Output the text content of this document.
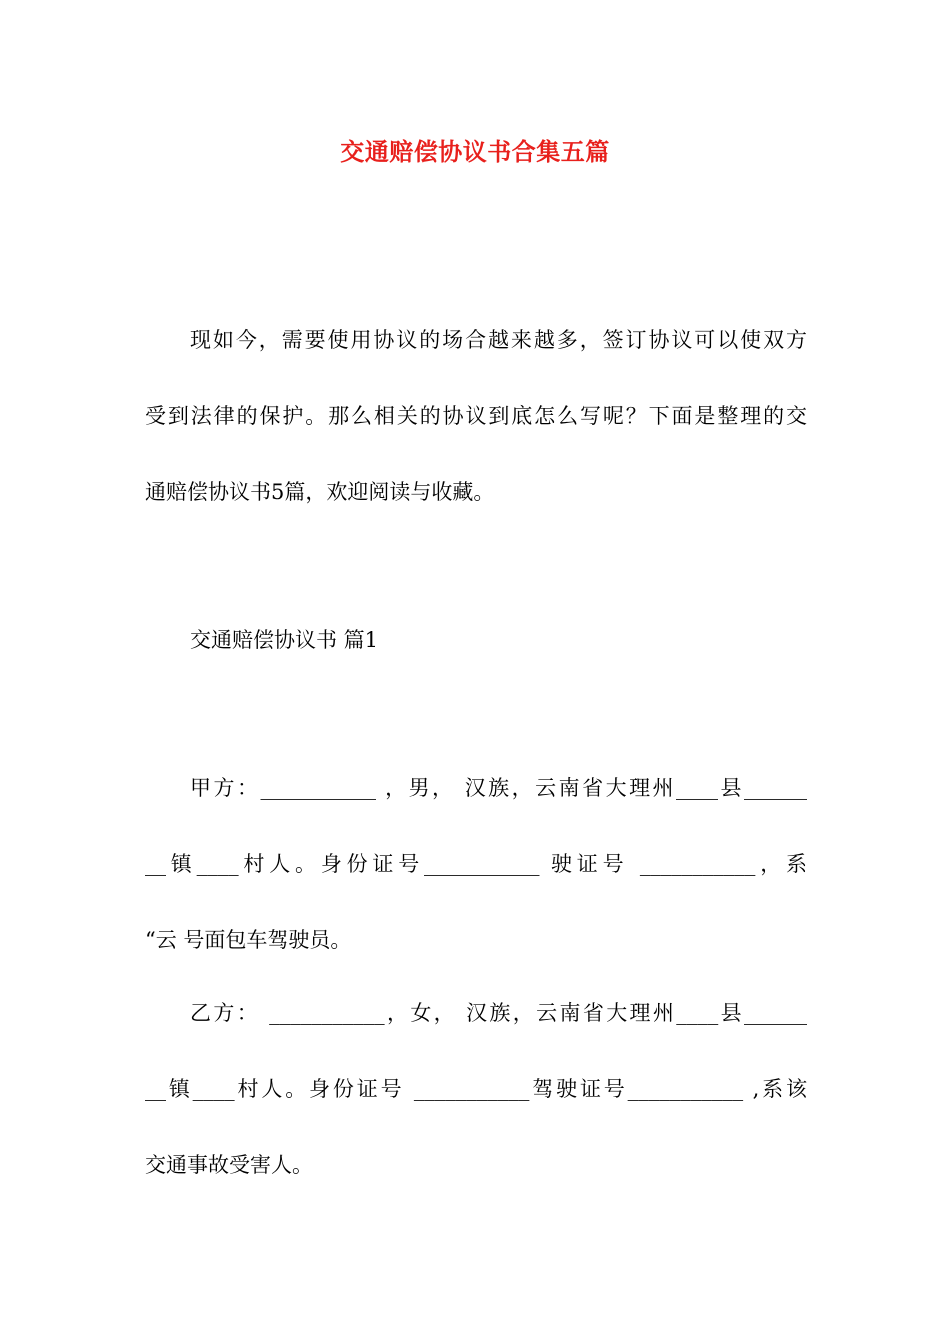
交通赔偿协议书合集五篇
现如今，需要使用协议的场合越来越多，签订协议可以使双方
受到法律的保护。那么相关的协议到底怎么写呢？下面是整理的交
通赔偿协议书5篇，欢迎阅读与收藏。
交通赔偿协议书 篇1
甲方：___________ ，男， 汉族，云南省大理州____县______
__镇____村人。身份证号___________ 驶证号 ___________，系
“云 号面包车驾驶员。
乙方： ___________，女， 汉族，云南省大理州____县______
__镇____村人。身份证号 ___________驾驶证号___________ ,系该
交通事故受害人。
